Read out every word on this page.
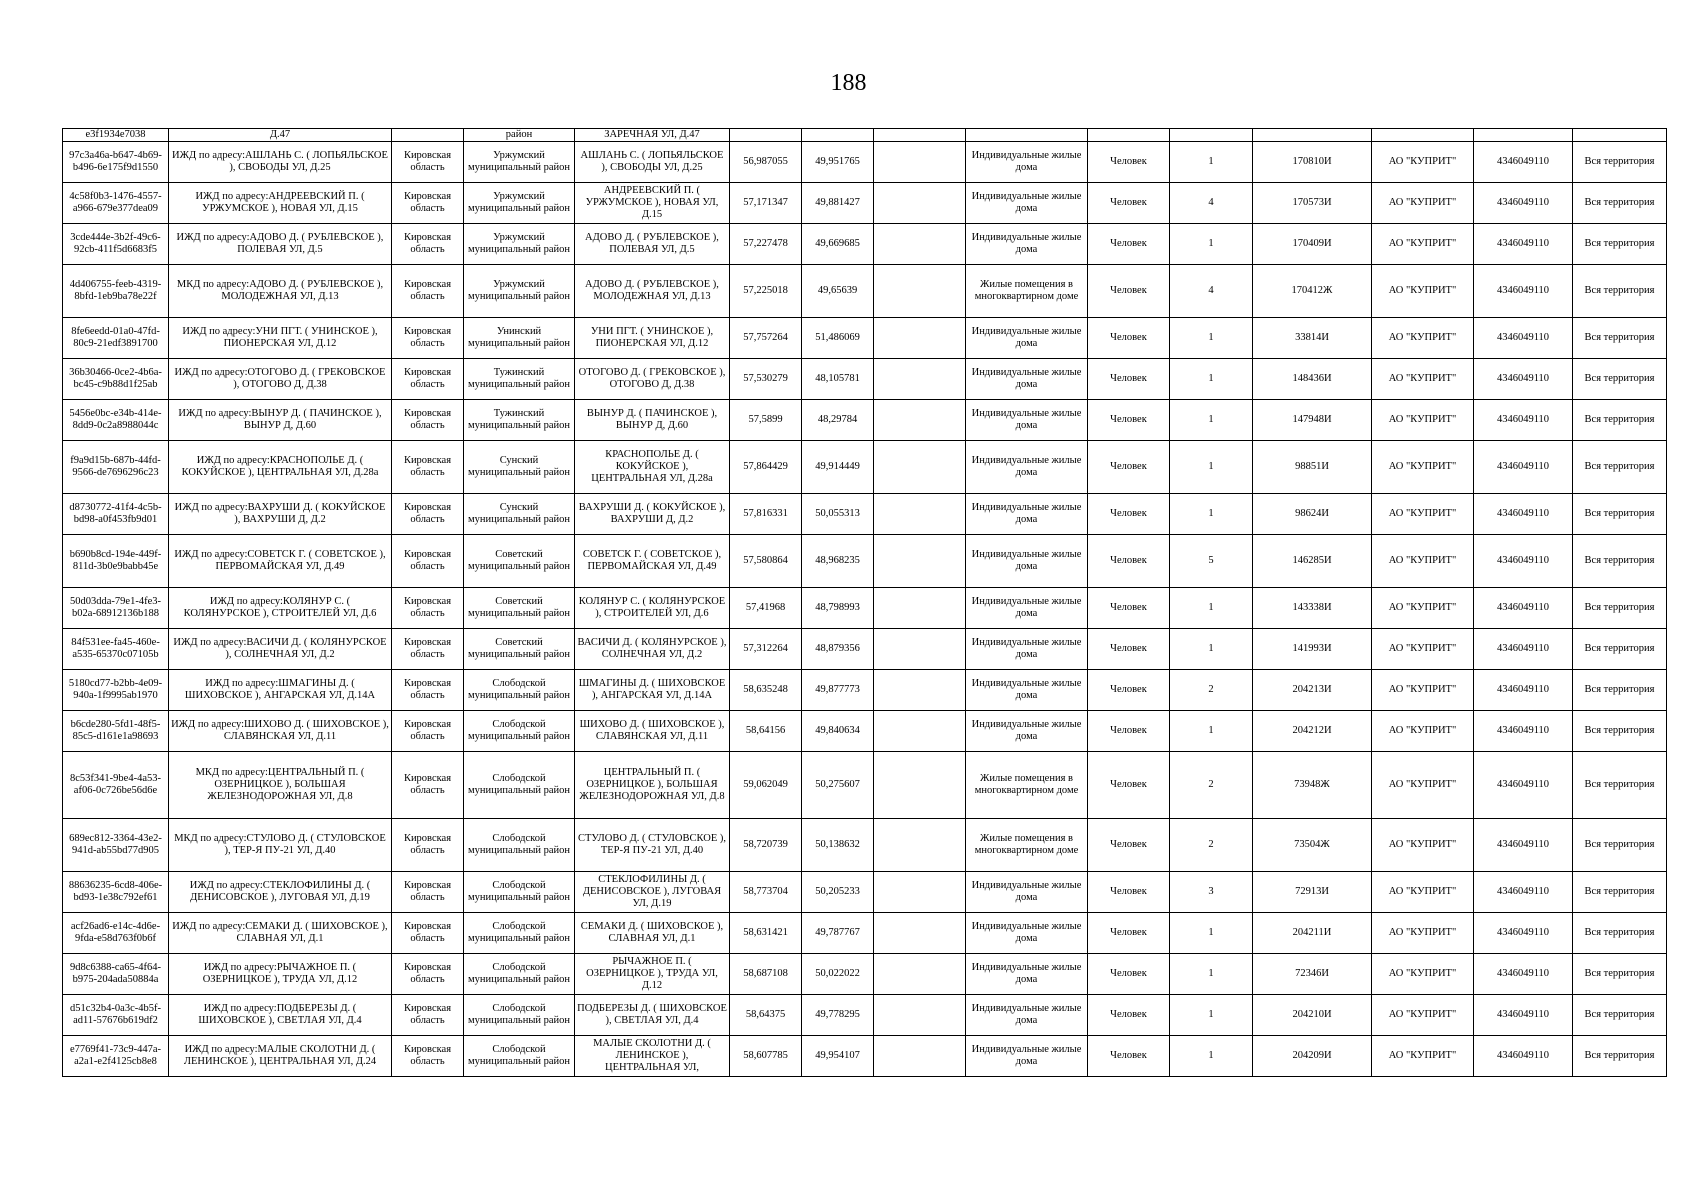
188
e3f1934e7038	Д.47		район	ЗАРЕЧНАЯ УЛ, Д.47										
97c3a46a-b647-4b69-b496-6e175f9d1550	ИЖД по адресу:АШЛАНЬ С. ( ЛОПЬЯЛЬСКОЕ ), СВОБОДЫ УЛ, Д.25	Кировская область	Уржумский муниципальный район	АШЛАНЬ С. ( ЛОПЬЯЛЬСКОЕ ), СВОБОДЫ УЛ, Д.25	56,987055	49,951765		Индивидуальные жилые дома	Человек	1	170810И	АО "КУПРИТ"	4346049110	Вся территория
4c58f0b3-1476-4557-a966-679e377dea09	ИЖД по адресу:АНДРЕЕВСКИЙ П. ( УРЖУМСКОЕ ), НОВАЯ УЛ, Д.15	Кировская область	Уржумский муниципальный район	АНДРЕЕВСКИЙ П. ( УРЖУМСКОЕ ), НОВАЯ УЛ, Д.15	57,171347	49,881427		Индивидуальные жилые дома	Человек	4	170573И	АО "КУПРИТ"	4346049110	Вся территория
3cde444e-3b2f-49c6-92cb-411f5d6683f5	ИЖД по адресу:АДОВО Д. ( РУБЛЕВСКОЕ ), ПОЛЕВАЯ УЛ, Д.5	Кировская область	Уржумский муниципальный район	АДОВО Д. ( РУБЛЕВСКОЕ ), ПОЛЕВАЯ УЛ, Д.5	57,227478	49,669685		Индивидуальные жилые дома	Человек	1	170409И	АО "КУПРИТ"	4346049110	Вся территория
4d406755-feeb-4319-8bfd-1eb9ba78e22f	МКД по адресу:АДОВО Д. ( РУБЛЕВСКОЕ ), МОЛОДЕЖНАЯ УЛ, Д.13	Кировская область	Уржумский муниципальный район	АДОВО Д. ( РУБЛЕВСКОЕ ), МОЛОДЕЖНАЯ УЛ, Д.13	57,225018	49,65639		Жилые помещения в многоквартирном доме	Человек	4	170412Ж	АО "КУПРИТ"	4346049110	Вся территория
8fe6eedd-01a0-47fd-80c9-21edf3891700	ИЖД по адресу:УНИ ПГТ. ( УНИНСКОЕ ), ПИОНЕРСКАЯ УЛ, Д.12	Кировская область	Унинский муниципальный район	УНИ ПГТ. ( УНИНСКОЕ ), ПИОНЕРСКАЯ УЛ, Д.12	57,757264	51,486069		Индивидуальные жилые дома	Человек	1	33814И	АО "КУПРИТ"	4346049110	Вся территория
36b30466-0ce2-4b6a-bc45-c9b88d1f25ab	ИЖД по адресу:ОТОГОВО Д. ( ГРЕКОВСКОЕ ), ОТОГОВО Д, Д.38	Кировская область	Тужинский муниципальный район	ОТОГОВО Д. ( ГРЕКОВСКОЕ ), ОТОГОВО Д, Д.38	57,530279	48,105781		Индивидуальные жилые дома	Человек	1	148436И	АО "КУПРИТ"	4346049110	Вся территория
5456e0bc-e34b-414e-8dd9-0c2a8988044c	ИЖД по адресу:ВЫНУР Д. ( ПАЧИНСКОЕ ), ВЫНУР Д, Д.60	Кировская область	Тужинский муниципальный район	ВЫНУР Д. ( ПАЧИНСКОЕ ), ВЫНУР Д, Д.60	57,5899	48,29784		Индивидуальные жилые дома	Человек	1	147948И	АО "КУПРИТ"	4346049110	Вся территория
f9a9d15b-687b-44fd-9566-de7696296c23	ИЖД по адресу:КРАСНОПОЛЬЕ Д. ( КОКУЙСКОЕ ), ЦЕНТРАЛЬНАЯ УЛ, Д.28а	Кировская область	Сунский муниципальный район	КРАСНОПОЛЬЕ Д. ( КОКУЙСКОЕ ), ЦЕНТРАЛЬНАЯ УЛ, Д.28а	57,864429	49,914449		Индивидуальные жилые дома	Человек	1	98851И	АО "КУПРИТ"	4346049110	Вся территория
d8730772-41f4-4c5b-bd98-a0f453fb9d01	ИЖД по адресу:ВАХРУШИ Д. ( КОКУЙСКОЕ ), ВАХРУШИ Д, Д.2	Кировская область	Сунский муниципальный район	ВАХРУШИ Д. ( КОКУЙСКОЕ ), ВАХРУШИ Д, Д.2	57,816331	50,055313		Индивидуальные жилые дома	Человек	1	98624И	АО "КУПРИТ"	4346049110	Вся территория
b690b8cd-194e-449f-811d-3b0e9babb45e	ИЖД по адресу:СОВЕТСК Г. ( СОВЕТСКОЕ ), ПЕРВОМАЙСКАЯ УЛ, Д.49	Кировская область	Советский муниципальный район	СОВЕТСК Г. ( СОВЕТСКОЕ ), ПЕРВОМАЙСКАЯ УЛ, Д.49	57,580864	48,968235		Индивидуальные жилые дома	Человек	5	146285И	АО "КУПРИТ"	4346049110	Вся территория
50d03dda-79e1-4fe3-b02a-68912136b188	ИЖД по адресу:КОЛЯНУР С. ( КОЛЯНУРСКОЕ ), СТРОИТЕЛЕЙ УЛ, Д.6	Кировская область	Советский муниципальный район	КОЛЯНУР С. ( КОЛЯНУРСКОЕ ), СТРОИТЕЛЕЙ УЛ, Д.6	57,41968	48,798993		Индивидуальные жилые дома	Человек	1	143338И	АО "КУПРИТ"	4346049110	Вся территория
84f531ee-fa45-460e-a535-65370c07105b	ИЖД по адресу:ВАСИЧИ Д. ( КОЛЯНУРСКОЕ ), СОЛНЕЧНАЯ УЛ, Д.2	Кировская область	Советский муниципальный район	ВАСИЧИ Д. ( КОЛЯНУРСКОЕ ), СОЛНЕЧНАЯ УЛ, Д.2	57,312264	48,879356		Индивидуальные жилые дома	Человек	1	141993И	АО "КУПРИТ"	4346049110	Вся территория
5180cd77-b2bb-4e09-940a-1f9995ab1970	ИЖД по адресу:ШМАГИНЫ Д. ( ШИХОВСКОЕ ), АНГАРСКАЯ УЛ, Д.14А	Кировская область	Слободской муниципальный район	ШМАГИНЫ Д. ( ШИХОВСКОЕ ), АНГАРСКАЯ УЛ, Д.14А	58,635248	49,877773		Индивидуальные жилые дома	Человек	2	204213И	АО "КУПРИТ"	4346049110	Вся территория
b6cde280-5fd1-48f5-85c5-d161e1a98693	ИЖД по адресу:ШИХОВО Д. ( ШИХОВСКОЕ ), СЛАВЯНСКАЯ УЛ, Д.11	Кировская область	Слободской муниципальный район	ШИХОВО Д. ( ШИХОВСКОЕ ), СЛАВЯНСКАЯ УЛ, Д.11	58,64156	49,840634		Индивидуальные жилые дома	Человек	1	204212И	АО "КУПРИТ"	4346049110	Вся территория
8c53f341-9be4-4a53-af06-0c726be56d6e	МКД по адресу:ЦЕНТРАЛЬНЫЙ П. ( ОЗЕРНИЦКОЕ ), БОЛЬШАЯ ЖЕЛЕЗНОДОРОЖНАЯ УЛ, Д.8	Кировская область	Слободской муниципальный район	ЦЕНТРАЛЬНЫЙ П. ( ОЗЕРНИЦКОЕ ), БОЛЬШАЯ ЖЕЛЕЗНОДОРОЖНАЯ УЛ, Д.8	59,062049	50,275607		Жилые помещения в многоквартирном доме	Человек	2	73948Ж	АО "КУПРИТ"	4346049110	Вся территория
689ec812-3364-43e2-941d-ab55bd77d905	МКД по адресу:СТУЛОВО Д. ( СТУЛОВСКОЕ ), ТЕР-Я ПУ-21 УЛ, Д.40	Кировская область	Слободской муниципальный район	СТУЛОВО Д. ( СТУЛОВСКОЕ ), ТЕР-Я ПУ-21 УЛ, Д.40	58,720739	50,138632		Жилые помещения в многоквартирном доме	Человек	2	73504Ж	АО "КУПРИТ"	4346049110	Вся территория
88636235-6cd8-406e-bd93-1e38c792ef61	ИЖД по адресу:СТЕКЛОФИЛИНЫ Д. ( ДЕНИСОВСКОЕ ), ЛУГОВАЯ УЛ, Д.19	Кировская область	Слободской муниципальный район	СТЕКЛОФИЛИНЫ Д. ( ДЕНИСОВСКОЕ ), ЛУГОВАЯ УЛ, Д.19	58,773704	50,205233		Индивидуальные жилые дома	Человек	3	72913И	АО "КУПРИТ"	4346049110	Вся территория
acf26ad6-e14c-4d6e-9fda-e58d763f0b6f	ИЖД по адресу:СЕМАКИ Д. ( ШИХОВСКОЕ ), СЛАВНАЯ УЛ, Д.1	Кировская область	Слободской муниципальный район	СЕМАКИ Д. ( ШИХОВСКОЕ ), СЛАВНАЯ УЛ, Д.1	58,631421	49,787767		Индивидуальные жилые дома	Человек	1	204211И	АО "КУПРИТ"	4346049110	Вся территория
9d8c6388-ca65-4f64-b975-204ada50884a	ИЖД по адресу:РЫЧАЖНОЕ П. ( ОЗЕРНИЦКОЕ ), ТРУДА УЛ, Д.12	Кировская область	Слободской муниципальный район	РЫЧАЖНОЕ П. ( ОЗЕРНИЦКОЕ ), ТРУДА УЛ, Д.12	58,687108	50,022022		Индивидуальные жилые дома	Человек	1	72346И	АО "КУПРИТ"	4346049110	Вся территория
d51c32b4-0a3c-4b5f-ad11-57676b619df2	ИЖД по адресу:ПОДБЕРЕЗЫ Д. ( ШИХОВСКОЕ ), СВЕТЛАЯ УЛ, Д.4	Кировская область	Слободской муниципальный район	ПОДБЕРЕЗЫ Д. ( ШИХОВСКОЕ ), СВЕТЛАЯ УЛ, Д.4	58,64375	49,778295		Индивидуальные жилые дома	Человек	1	204210И	АО "КУПРИТ"	4346049110	Вся территория
e7769f41-73c9-447a-a2a1-e2f4125cb8e8	ИЖД по адресу:МАЛЫЕ СКОЛОТНИ Д. ( ЛЕНИНСКОЕ ), ЦЕНТРАЛЬНАЯ УЛ, Д.24	Кировская область	Слободской муниципальный район	МАЛЫЕ СКОЛОТНИ Д. ( ЛЕНИНСКОЕ ), ЦЕНТРАЛЬНАЯ УЛ,	58,607785	49,954107		Индивидуальные жилые дома	Человек	1	204209И	АО "КУПРИТ"	4346049110	Вся территория
